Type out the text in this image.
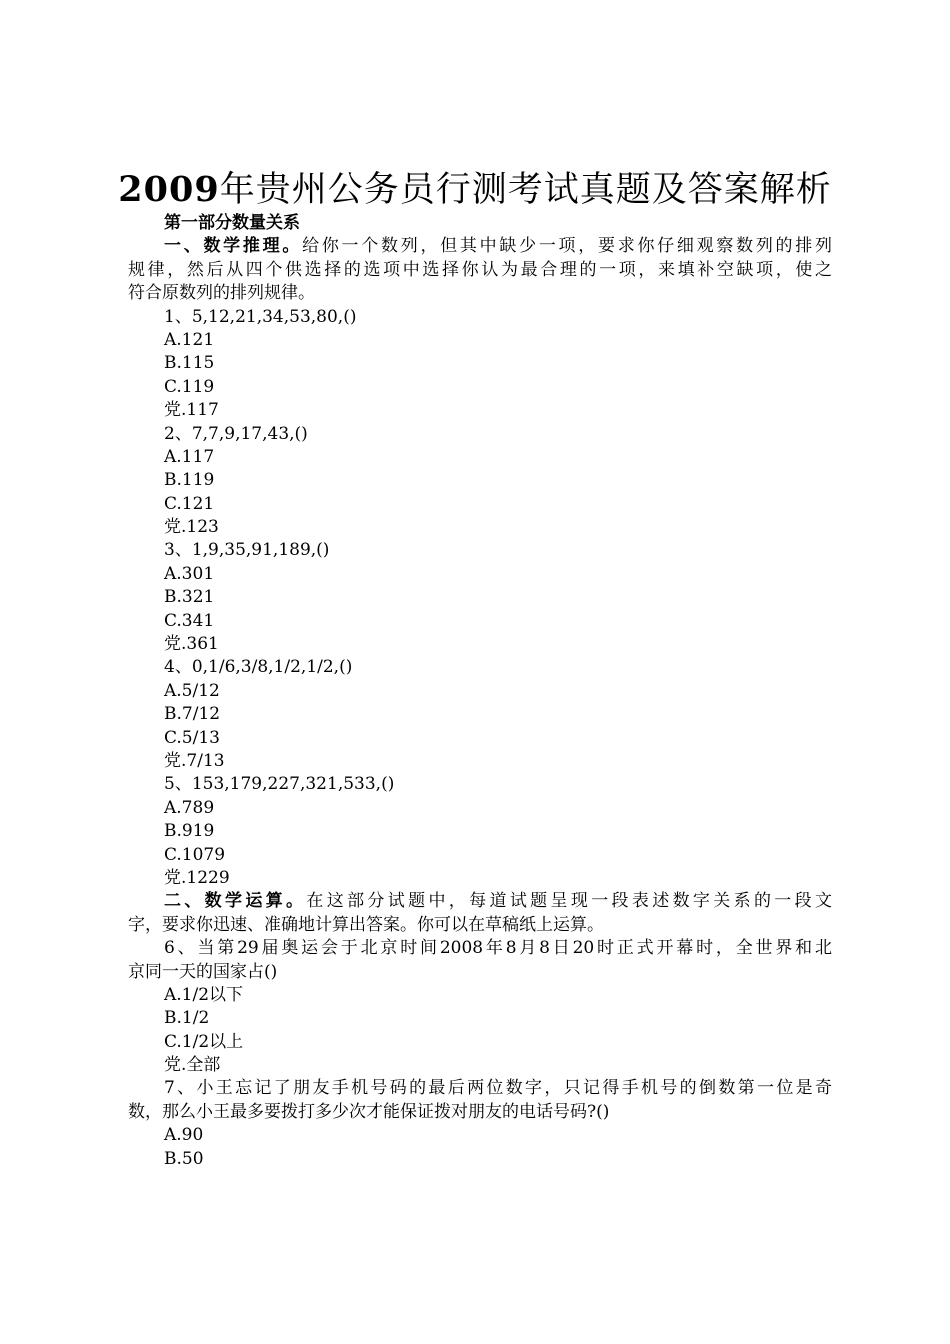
2009年贵州公务员行测考试真题及答案解析
第一部分数量关系
一、数学推理。给你一个数列，但其中缺少一项，要求你仔细观察数列的排列
规律，然后从四个供选择的选项中选择你认为最合理的一项，来填补空缺项，使之
符合原数列的排列规律。
1、5,12,21,34,53,80,()
A.121
B.115
C.119
党.117
2、7,7,9,17,43,()
A.117
B.119
C.121
党.123
3、1,9,35,91,189,()
A.301
B.321
C.341
党.361
4、0,1/6,3/8,1/2,1/2,()
A.5/12
B.7/12
C.5/13
党.7/13
5、153,179,227,321,533,()
A.789
B.919
C.1079
党.1229
二、数学运算。在这部分试题中，每道试题呈现一段表述数字关系的一段文
字，要求你迅速、准确地计算出答案。你可以在草稿纸上运算。
6、当第29届奥运会于北京时间2008年8月8日20时正式开幕时，全世界和北
京同一天的国家占()
A.1/2以下
B.1/2
C.1/2以上
党.全部
7、小王忘记了朋友手机号码的最后两位数字，只记得手机号的倒数第一位是奇
数，那么小王最多要拨打多少次才能保证拨对朋友的电话号码?()
A.90
B.50
